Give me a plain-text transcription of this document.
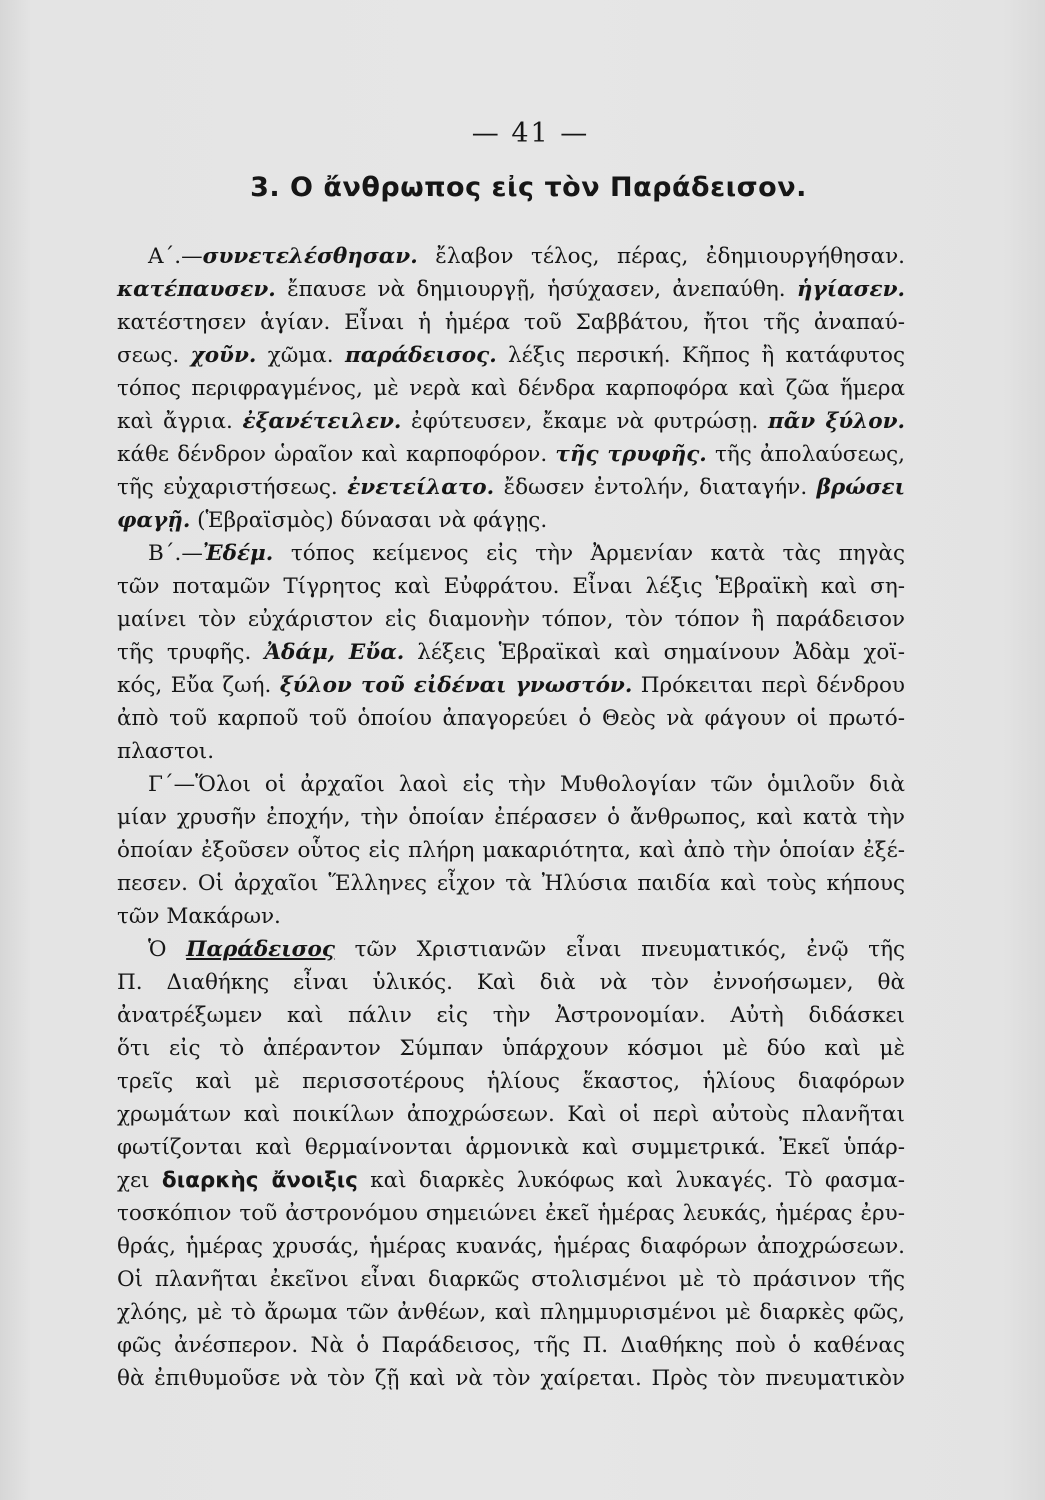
— 41 —
3. Ο ἄνθρωπος εἰς τὸν Παράδεισον.
A΄.—συνετελέσθησαν. ἔλαβον τέλος, πέρας, ἐδημιουργήθησαν.
κατέπαυσεν. ἔπαυσε νὰ δημιουργῇ, ἡσύχασεν, ἀνεπαύθη. ἡγίασεν.
κατέστησεν ἁγίαν. Εἶναι ἡ ἡμέρα τοῦ Σαββάτου, ἤτοι τῆς ἀναπαύ-
σεως. χοῦν. χῶμα. παράδεισος. λέξις περσική. Κῆπος ἢ κατάφυτος
τόπος περιφραγμένος, μὲ νερὰ καὶ δένδρα καρποφόρα καὶ ζῶα ἥμερα
καὶ ἄγρια. ἐξανέτειλεν. ἐφύτευσεν, ἔκαμε νὰ φυτρώσῃ. πᾶν ξύλον.
κάθε δένδρον ὡραῖον καὶ καρποφόρον. τῆς τρυφῆς. τῆς ἀπολαύσεως,
τῆς εὐχαριστήσεως. ἐνετείλατο. ἔδωσεν ἐντολήν, διαταγήν. βρώσει
φαγῇ. (Ἑβραϊσμὸς) δύνασαι νὰ φάγῃς.
B΄.—Ἐδέμ. τόπος κείμενος εἰς τὴν Ἀρμενίαν κατὰ τὰς πηγὰς
τῶν ποταμῶν Τίγρητος καὶ Εὐφράτου. Εἶναι λέξις Ἑβραϊκὴ καὶ ση-
μαίνει τὸν εὐχάριστον εἰς διαμονὴν τόπον, τὸν τόπον ἢ παράδεισον
τῆς τρυφῆς. Ἀδάμ, Εὔα. λέξεις Ἑβραϊκαὶ καὶ σημαίνουν Ἀδὰμ χοϊ-
κός, Εὔα ζωή. ξύλον τοῦ εἰδέναι γνωστόν. Πρόκειται περὶ δένδρου
ἀπὸ τοῦ καρποῦ τοῦ ὁποίου ἀπαγορεύει ὁ Θεὸς νὰ φάγουν οἱ πρωτό-
πλαστοι.
Γ΄—Ὅλοι οἱ ἀρχαῖοι λαοὶ εἰς τὴν Μυθολογίαν τῶν ὁμιλοῦν διὰ
μίαν χρυσῆν ἐποχήν, τὴν ὁποίαν ἐπέρασεν ὁ ἄνθρωπος, καὶ κατὰ τὴν
ὁποίαν ἐξοῦσεν οὗτος εἰς πλήρη μακαριότητα, καὶ ἀπὸ τὴν ὁποίαν ἐξέ-
πεσεν. Οἱ ἀρχαῖοι Ἕλληνες εἶχον τὰ Ἠλύσια παιδία καὶ τοὺς κήπους
τῶν Μακάρων.
Ὁ Παράδεισος τῶν Χριστιανῶν εἶναι πνευματικός, ἐνῷ τῆς
Π. Διαθήκης εἶναι ὑλικός. Καὶ διὰ νὰ τὸν ἐννοήσωμεν, θὰ
ἀνατρέξωμεν καὶ πάλιν εἰς τὴν Ἀστρονομίαν. Αὐτὴ διδάσκει
ὅτι εἰς τὸ ἀπέραντον Σύμπαν ὑπάρχουν κόσμοι μὲ δύο καὶ μὲ
τρεῖς καὶ μὲ περισσοτέρους ἡλίους ἕκαστος, ἡλίους διαφόρων
χρωμάτων καὶ ποικίλων ἀποχρώσεων. Καὶ οἱ περὶ αὐτοὺς πλανῆται
φωτίζονται καὶ θερμαίνονται ἁρμονικὰ καὶ συμμετρικά. Ἐκεῖ ὑπάρ-
χει διαρκὴς ἄνοιξις καὶ διαρκὲς λυκόφως καὶ λυκαγές. Τὸ φασμα-
τοσκόπιον τοῦ ἀστρονόμου σημειώνει ἐκεῖ ἡμέρας λευκάς, ἡμέρας ἐρυ-
θράς, ἡμέρας χρυσάς, ἡμέρας κυανάς, ἡμέρας διαφόρων ἀποχρώσεων.
Οἱ πλανῆται ἐκεῖνοι εἶναι διαρκῶς στολισμένοι μὲ τὸ πράσινον τῆς
χλόης, μὲ τὸ ἄρωμα τῶν ἀνθέων, καὶ πλημμυρισμένοι μὲ διαρκὲς φῶς,
φῶς ἀνέσπερον. Νὰ ὁ Παράδεισος, τῆς Π. Διαθήκης ποὺ ὁ καθένας
θὰ ἐπιθυμοῦσε νὰ τὸν ζῇ καὶ νὰ τὸν χαίρεται. Πρὸς τὸν πνευματικὸν
